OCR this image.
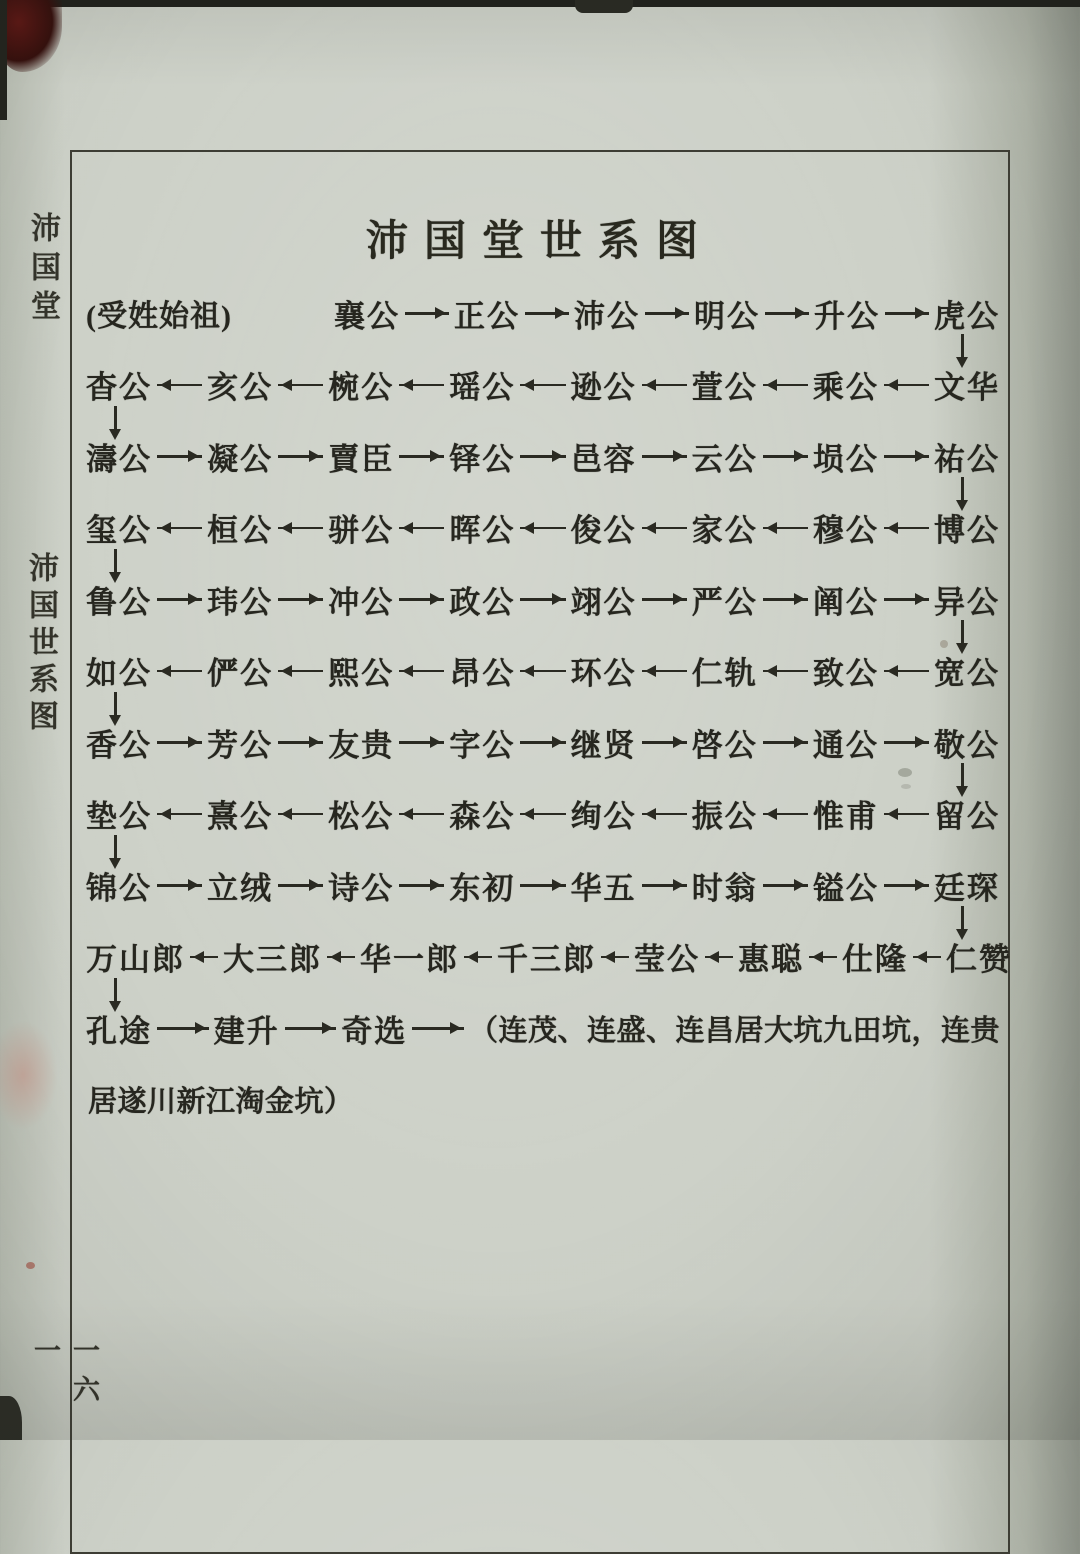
沛国堂
沛国世系图
一六一
沛国堂世系图
(受姓始祖)	襄公 正公 沛公 明公 升公 虎公
杳公 亥公 椀公 瑶公 逊公 萱公 乘公 文华
濤公 凝公 賣臣 铎公 邑容 云公 埙公 祐公
玺公 桓公 骈公 晖公 俊公 家公 穆公 博公
鲁公 玮公 冲公 政公 翊公 严公 阐公 异公
如公 俨公 熙公 昂公 环公 仁轨 致公 宽公
香公 芳公 友贵 字公 继贤 啓公 通公 敬公
垫公 熹公 松公 森公 绚公 振公 惟甫 留公
锦公 立绒 诗公 东初 华五 时翁 镒公 廷琛
万山郎 大三郎 华一郎 千三郎 莹公 惠聪 仕隆 仁赞
孔途 建升 奇选 （连茂、连盛、连昌居大坑九田坑，连贵
居遂川新江淘金坑）
